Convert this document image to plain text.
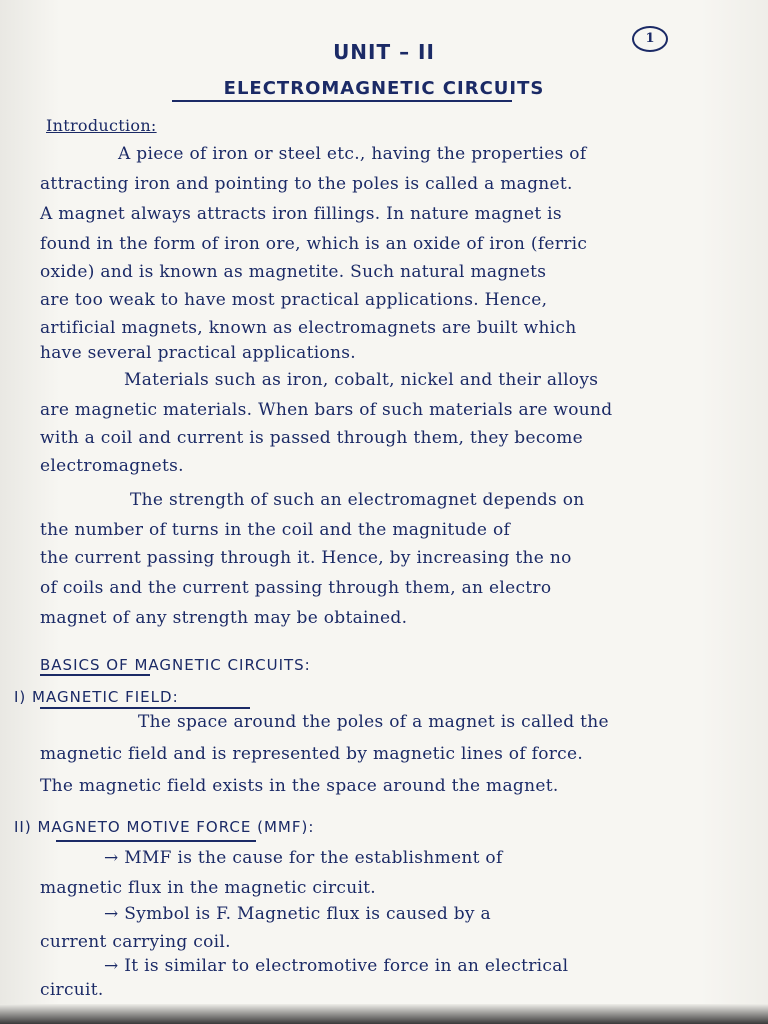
1
UNIT – II
ELECTROMAGNETIC CIRCUITS
Introduction:
A piece of iron or steel etc., having the properties of
attracting iron and pointing to the poles is called a magnet.
A magnet always attracts iron fillings. In nature magnet is
found in the form of iron ore, which is an oxide of iron (ferric
oxide) and is known as magnetite. Such natural magnets
are too weak to have most practical applications. Hence,
artificial magnets, known as electromagnets are built which
have several practical applications.
Materials such as iron, cobalt, nickel and their alloys
are magnetic materials. When bars of such materials are wound
with a coil and current is passed through them, they become
electromagnets.
The strength of such an electromagnet depends on
the number of turns in the coil and the magnitude of
the current passing through it. Hence, by increasing the no
of coils and the current passing through them, an electro
magnet of any strength may be obtained.
BASICS OF MAGNETIC CIRCUITS:
I) MAGNETIC FIELD:
The space around the poles of a magnet is called the
magnetic field and is represented by magnetic lines of force.
The magnetic field exists in the space around the magnet.
II) MAGNETO MOTIVE FORCE (MMF):
→ MMF is the cause for the establishment of
magnetic flux in the magnetic circuit.
→ Symbol is F. Magnetic flux is caused by a
current carrying coil.
→ It is similar to electromotive force in an electrical
circuit.
